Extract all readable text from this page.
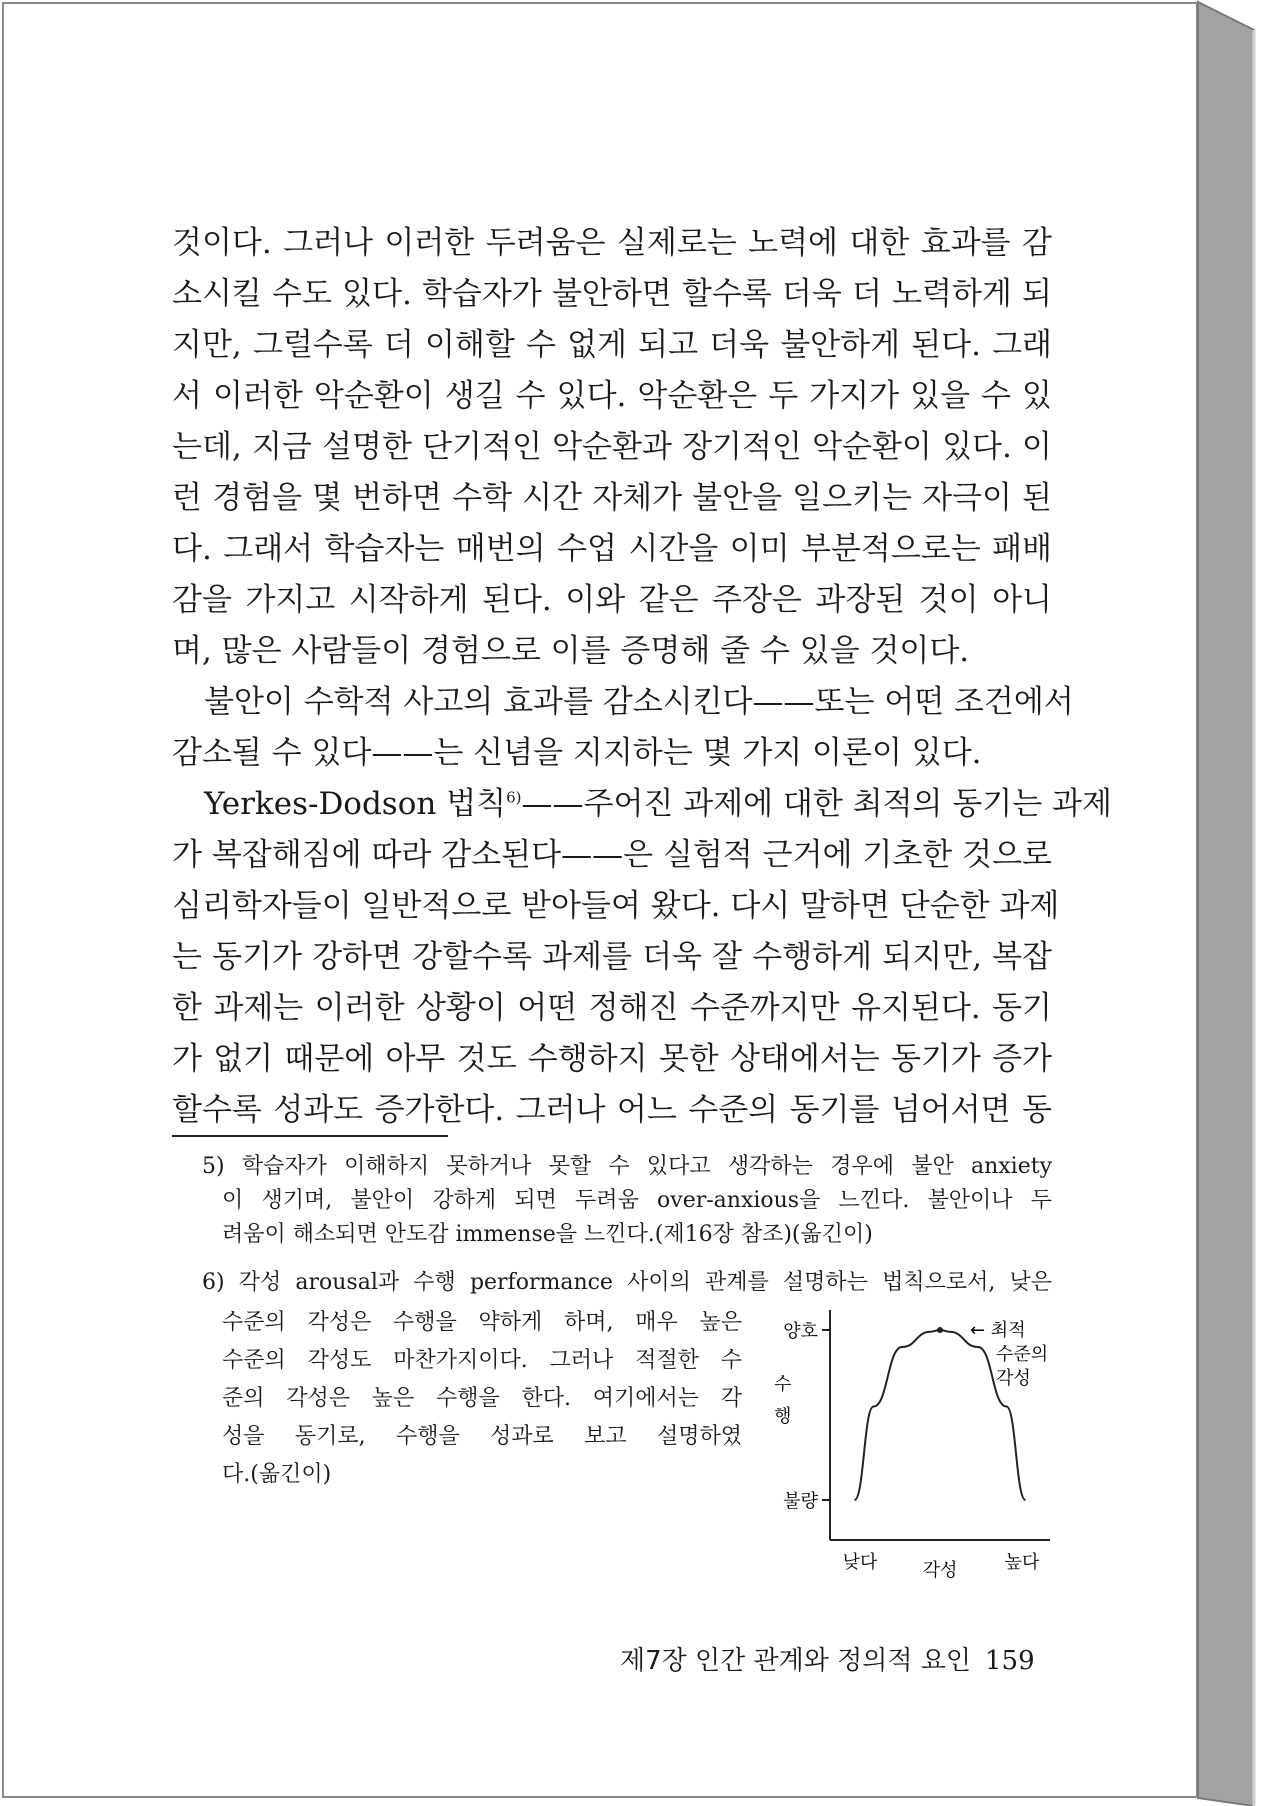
것이다. 그러나 이러한 두려움은 실제로는 노력에 대한 효과를 감
소시킬 수도 있다. 학습자가 불안하면 할수록 더욱 더 노력하게 되
지만, 그럴수록 더 이해할 수 없게 되고 더욱 불안하게 된다. 그래
서 이러한 악순환이 생길 수 있다. 악순환은 두 가지가 있을 수 있
는데, 지금 설명한 단기적인 악순환과 장기적인 악순환이 있다. 이
런 경험을 몇 번하면 수학 시간 자체가 불안을 일으키는 자극이 된
다. 그래서 학습자는 매번의 수업 시간을 이미 부분적으로는 패배
감을 가지고 시작하게 된다. 이와 같은 주장은 과장된 것이 아니
며, 많은 사람들이 경험으로 이를 증명해 줄 수 있을 것이다.
불안이 수학적 사고의 효과를 감소시킨다——또는 어떤 조건에서
감소될 수 있다——는 신념을 지지하는 몇 가지 이론이 있다.
Yerkes-Dodson 법칙$^{6)}$——주어진 과제에 대한 최적의 동기는 과제
가 복잡해짐에 따라 감소된다——은 실험적 근거에 기초한 것으로
심리학자들이 일반적으로 받아들여 왔다. 다시 말하면 단순한 과제
는 동기가 강하면 강할수록 과제를 더욱 잘 수행하게 되지만, 복잡
한 과제는 이러한 상황이 어떤 정해진 수준까지만 유지된다. 동기
가 없기 때문에 아무 것도 수행하지 못한 상태에서는 동기가 증가
할수록 성과도 증가한다. 그러나 어느 수준의 동기를 넘어서면 동
5) 학습자가 이해하지 못하거나 못할 수 있다고 생각하는 경우에 불안 anxiety
이 생기며, 불안이 강하게 되면 두려움 over-anxious을 느낀다. 불안이나 두
려움이 해소되면 안도감 immense을 느낀다.(제16장 참조)(옮긴이)
6) 각성 arousal과 수행 performance 사이의 관계를 설명하는 법칙으로서, 낮은
수준의 각성은 수행을 약하게 하며, 매우 높은
수준의 각성도 마찬가지이다. 그러나 적절한 수
준의 각성은 높은 수행을 한다. 여기에서는 각
성을 동기로, 수행을 성과로 보고 설명하였
다.(옮긴이)
양호
불량
수
행
낮다	높다
각성
← 최적
수준의
각성
제7장 인간 관계와 정의적 요인 159
